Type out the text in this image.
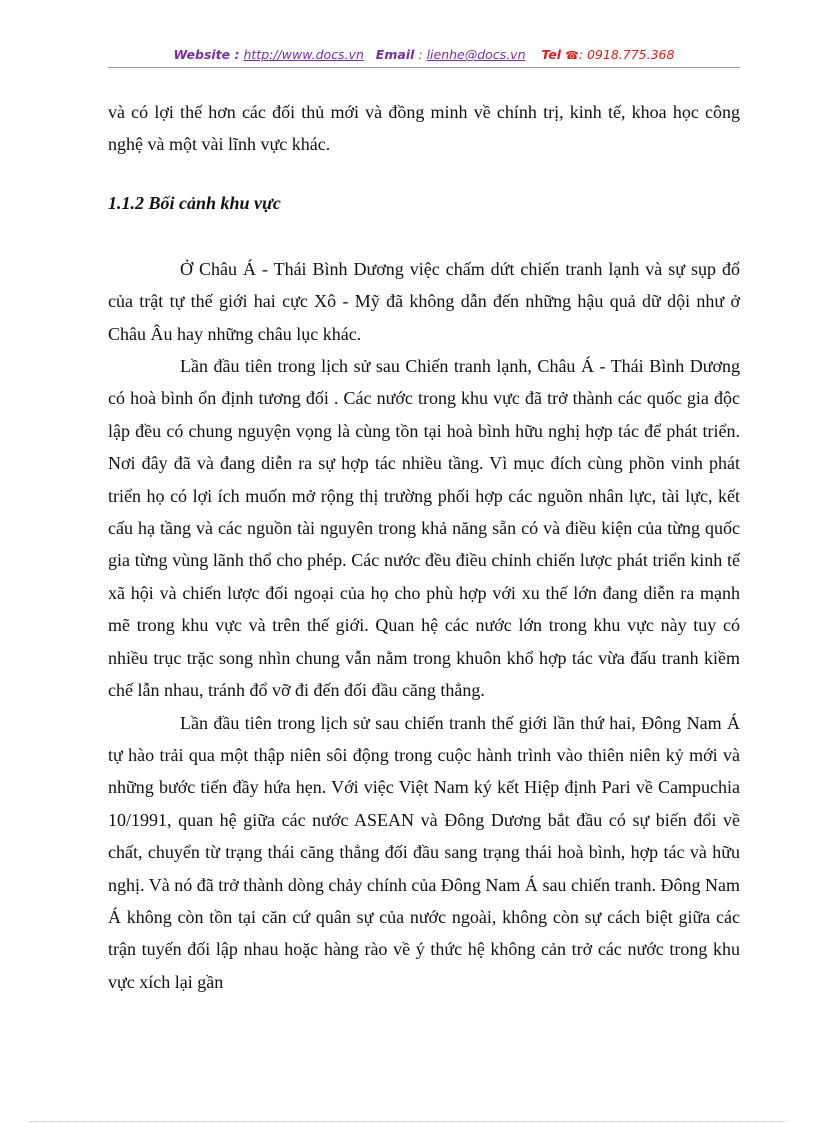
Website : http://www.docs.vn Email : lienhe@docs.vn Tel ☎: 0918.775.368

và có lợi thế hơn các đối thủ mới và đồng minh về chính trị, kinh tế, khoa học công nghệ và một vài lĩnh vực khác.

1.1.2 Bối cảnh khu vực

Ở Châu Á - Thái Bình Dương việc chấm dứt chiến tranh lạnh và sự sụp đổ của trật tự thế giới hai cực Xô - Mỹ đã không dẫn đến những hậu quả dữ dội như ở Châu Âu hay những châu lục khác.

Lần đầu tiên trong lịch sử sau Chiến tranh lạnh, Châu Á - Thái Bình Dương có hoà bình ổn định tương đối . Các nước trong khu vực đã trở thành các quốc gia độc lập đều có chung nguyện vọng là cùng tồn tại hoà bình hữu nghị hợp tác để phát triển. Nơi đây đã và đang diễn ra sự hợp tác nhiều tầng. Vì mục đích cùng phồn vinh phát triển họ có lợi ích muốn mở rộng thị trường phối hợp các nguồn nhân lực, tài lực, kết cấu hạ tầng và các nguồn tài nguyên trong khả năng sẵn có và điều kiện của từng quốc gia từng vùng lãnh thổ cho phép. Các nước đều điều chỉnh chiến lược phát triển kinh tế xã hội và chiến lược đối ngoại của họ cho phù hợp với xu thế lớn đang diễn ra mạnh mẽ trong khu vực và trên thế giới. Quan hệ các nước lớn trong khu vực này tuy có nhiều trục trặc song nhìn chung vẫn nằm trong khuôn khổ hợp tác vừa đấu tranh kiềm chế lẫn nhau, tránh đổ vỡ đi đến đối đầu căng thẳng.

Lần đầu tiên trong lịch sử sau chiến tranh thế giới lần thứ hai, Đông Nam Á tự hào trải qua một thập niên sôi động trong cuộc hành trình vào thiên niên kỷ mới và những bước tiến đầy hứa hẹn. Với việc Việt Nam ký kết Hiệp định Pari về Campuchia 10/1991, quan hệ giữa các nước ASEAN và Đông Dương bắt đầu có sự biến đổi về chất, chuyển từ trạng thái căng thẳng đối đầu sang trạng thái hoà bình, hợp tác và hữu nghị. Và nó đã trở thành dòng chảy chính của Đông Nam Á sau chiến tranh. Đông Nam Á không còn tồn tại căn cứ quân sự của nước ngoài, không còn sự cách biệt giữa các trận tuyến đối lập nhau hoặc hàng rào về ý thức hệ không cản trở các nước trong khu vực xích lại gần
